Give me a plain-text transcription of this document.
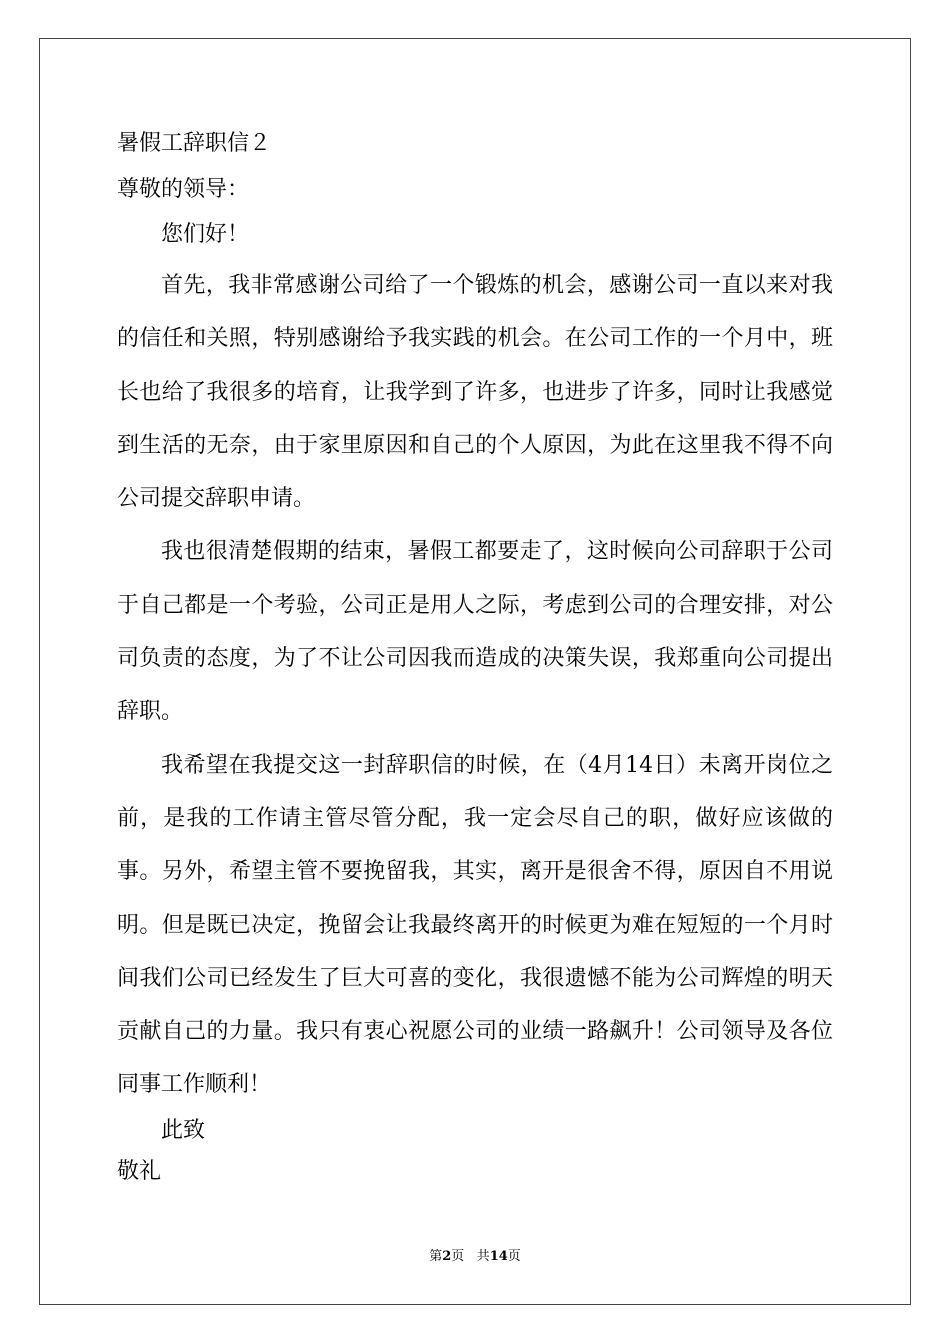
暑假工辞职信２
尊敬的领导：
您们好！

首先，我非常感谢公司给了一个锻炼的机会，感谢公司一直以来对我的信任和关照，特别感谢给予我实践的机会。在公司工作的一个月中，班长也给了我很多的培育，让我学到了许多，也进步了许多，同时让我感觉到生活的无奈，由于家里原因和自己的个人原因，为此在这里我不得不向公司提交辞职申请。

我也很清楚假期的结束，暑假工都要走了，这时候向公司辞职于公司于自己都是一个考验，公司正是用人之际，考虑到公司的合理安排，对公司负责的态度，为了不让公司因我而造成的决策失误，我郑重向公司提出辞职。

我希望在我提交这一封辞职信的时候，在（4月14日）未离开岗位之前，是我的工作请主管尽管分配，我一定会尽自己的职，做好应该做的事。另外，希望主管不要挽留我，其实，离开是很舍不得，原因自不用说明。但是既已决定，挽留会让我最终离开的时候更为难在短短的一个月时间我们公司已经发生了巨大可喜的变化，我很遗憾不能为公司辉煌的明天贡献自己的力量。我只有衷心祝愿公司的业绩一路飙升！公司领导及各位同事工作顺利！

此致
敬礼
第2页 共14页
